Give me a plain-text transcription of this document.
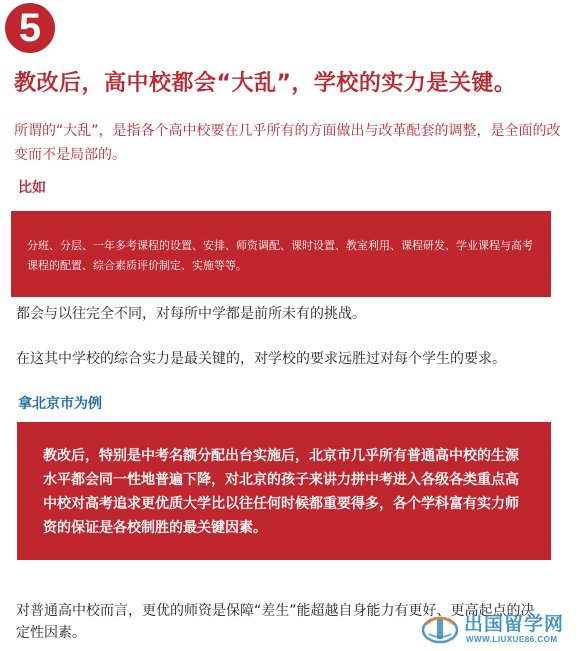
5
教改后，高中校都会“大乱”，学校的实力是关键。

所谓的“大乱”，是指各个高中校要在几乎所有的方面做出与改革配套的调整，是全面的改变而不是局部的。

比如

分班、分层、一年多考课程的设置、安排、师资调配、课时设置、教室利用、课程研发、学业课程与高考课程的配置、综合素质评价制定、实施等等。

都会与以往完全不同，对每所中学都是前所未有的挑战。

在这其中学校的综合实力是最关键的，对学校的要求远胜过对每个学生的要求。

拿北京市为例

教改后，特别是中考名额分配出台实施后，北京市几乎所有普通高中校的生源水平都会同一性地普遍下降，对北京的孩子来讲力拼中考进入各级各类重点高中校对高考追求更优质大学比以往任何时候都重要得多，各个学科富有实力师资的保证是各校制胜的最关键因素。

对普通高中校而言，更优的师资是保障“差生”能超越自身能力有更好、更高起点的决定性因素。	出国留学网
WWW.LIUXUE86.COM
